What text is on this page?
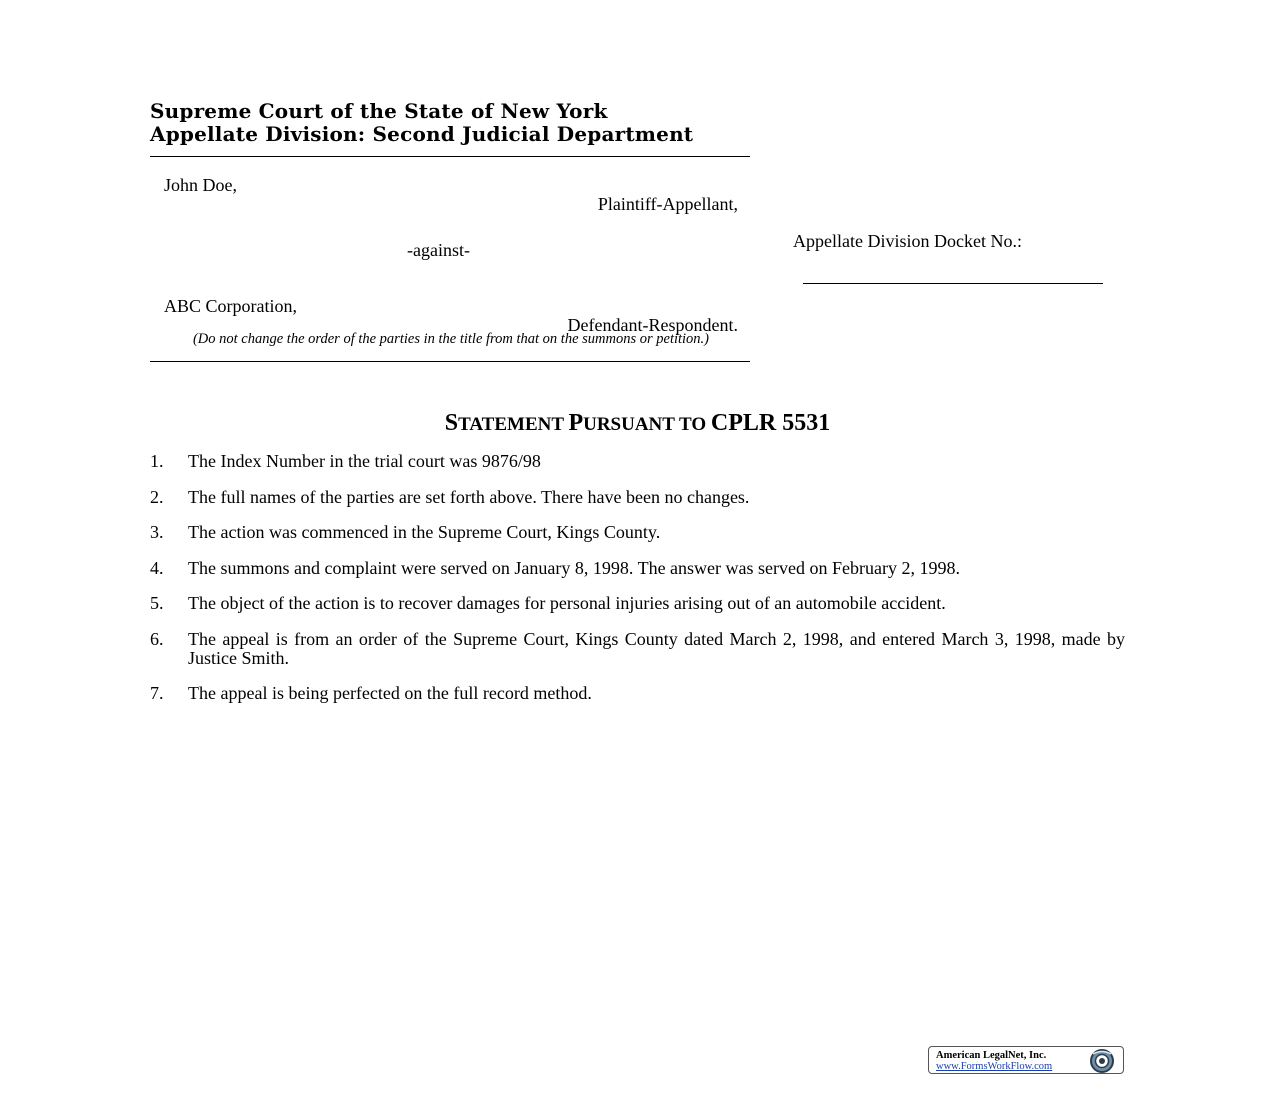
Supreme Court of the State of New York
Appellate Division: Second Judicial Department
John Doe,
Plaintiff-Appellant,
-against-
ABC Corporation,
Defendant-Respondent.
(Do not change the order of the parties in the title from that on the summons or petition.)
Appellate Division Docket No.:
STATEMENT PURSUANT TO CPLR 5531
1.	The Index Number in the trial court was 9876/98
2.	The full names of the parties are set forth above. There have been no changes.
3.	The action was commenced in the Supreme Court, Kings County.
4.	The summons and complaint were served on January 8, 1998. The answer was served on February 2, 1998.
5.	The object of the action is to recover damages for personal injuries arising out of an automobile accident.
6.	The appeal is from an order of the Supreme Court, Kings County dated March 2, 1998, and entered March 3, 1998, made by Justice Smith.
7.	The appeal is being perfected on the full record method.
American LegalNet, Inc.
www.FormsWorkFlow.com
